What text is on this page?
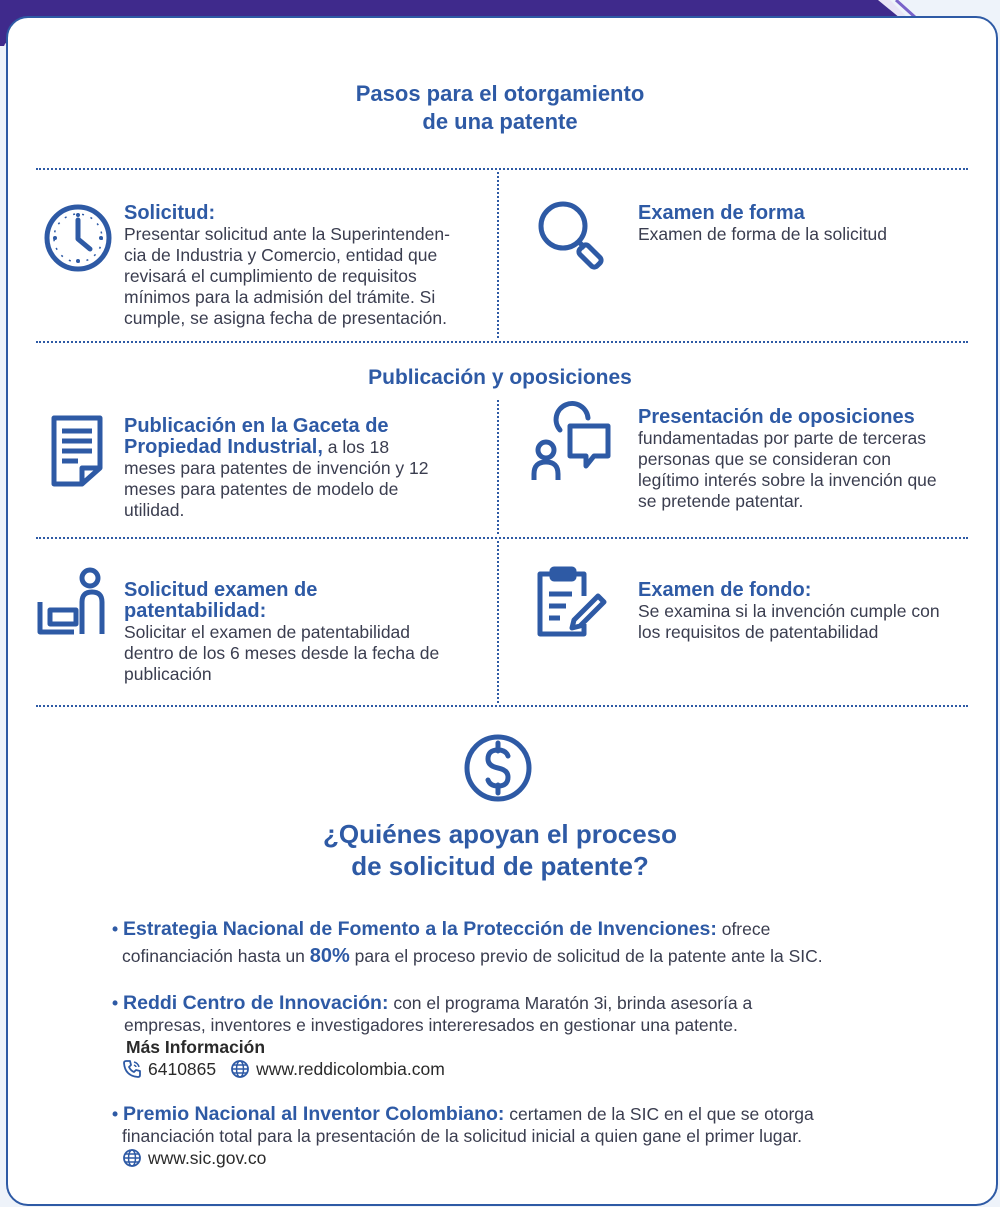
Pasos para el otorgamiento
de una patente
Solicitud:
Presentar solicitud ante la Superintenden-
cia de Industria y Comercio, entidad que
revisará el cumplimiento de requisitos
mínimos para la admisión del trámite. Si
cumple, se asigna fecha de presentación.
Examen de forma
Examen de forma de la solicitud
Publicación y oposiciones
Publicación en la Gaceta de
Propiedad Industrial, a los 18
meses para patentes de invención y 12
meses para patentes de modelo de
utilidad.
Presentación de oposiciones
fundamentadas por parte de terceras
personas que se consideran con
legítimo interés sobre la invención que
se pretende patentar.
Solicitud examen de
patentabilidad:
Solicitar el examen de patentabilidad
dentro de los 6 meses desde la fecha de
publicación
Examen de fondo:
Se examina si la invención cumple con
los requisitos de patentabilidad
¿Quiénes apoyan el proceso
de solicitud de patente?
• Estrategia Nacional de Fomento a la Protección de Invenciones: ofrece
cofinanciación hasta un 80% para el proceso previo de solicitud de la patente ante la SIC.
• Reddi Centro de Innovación: con el programa Maratón 3i, brinda asesoría a
empresas, inventores e investigadores intereresados en gestionar una patente.
Más Información
6410865 www.reddicolombia.com
• Premio Nacional al Inventor Colombiano: certamen de la SIC en el que se otorga
financiación total para la presentación de la solicitud inicial a quien gane el primer lugar.
www.sic.gov.co
